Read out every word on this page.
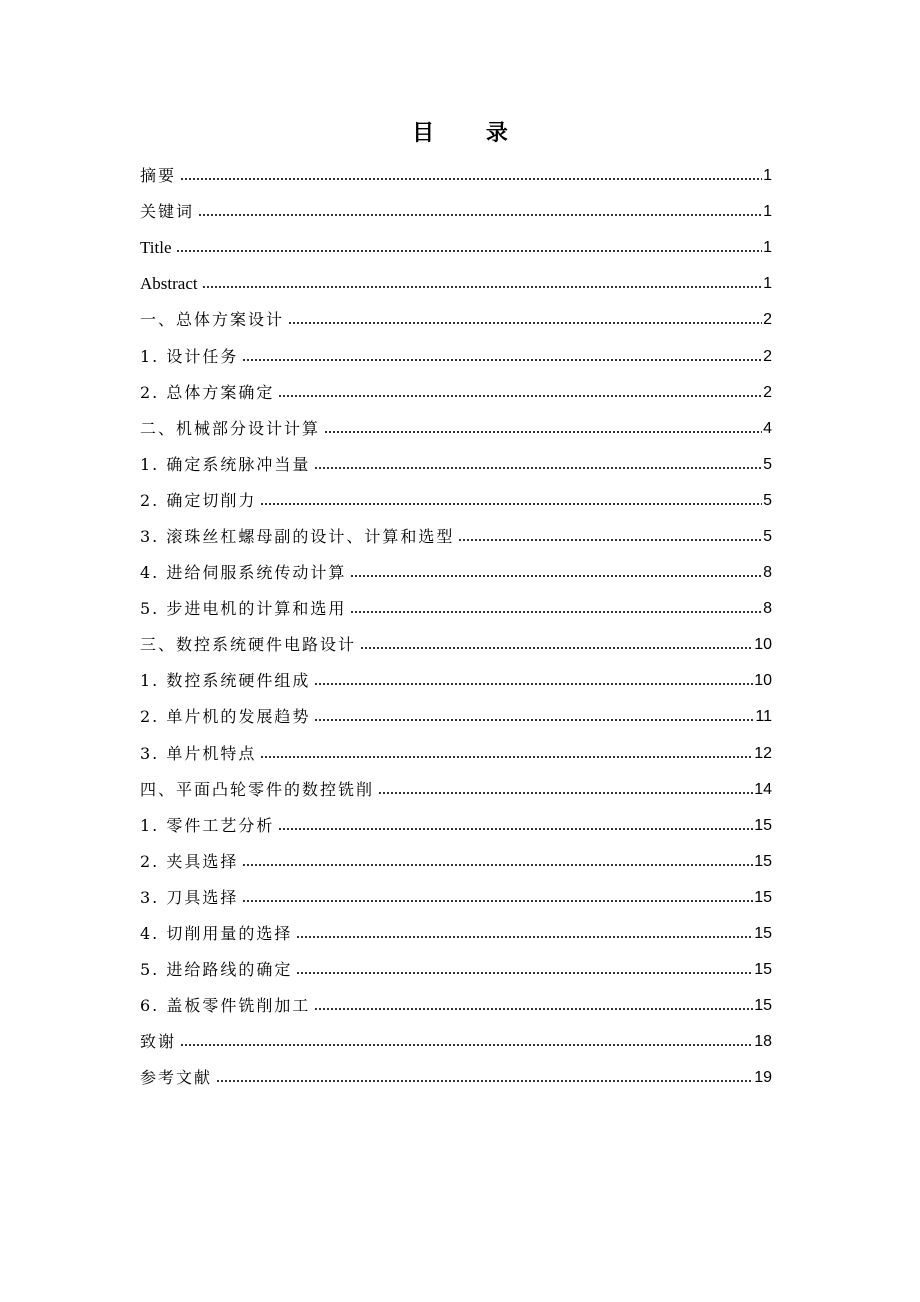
目 录
摘要	1
关键词	1
Title	1
Abstract	1
一、总体方案设计	2
1. 设计任务	2
2. 总体方案确定	2
二、机械部分设计计算	4
1. 确定系统脉冲当量	5
2. 确定切削力	5
3. 滚珠丝杠螺母副的设计、计算和选型	5
4. 进给伺服系统传动计算	8
5. 步进电机的计算和选用	8
三、数控系统硬件电路设计	10
1. 数控系统硬件组成	10
2. 单片机的发展趋势	11
3. 单片机特点	12
四、平面凸轮零件的数控铣削	14
1. 零件工艺分析	15
2. 夹具选择	15
3. 刀具选择	15
4. 切削用量的选择	15
5. 进给路线的确定	15
6. 盖板零件铣削加工	15
致谢	18
参考文献	19
